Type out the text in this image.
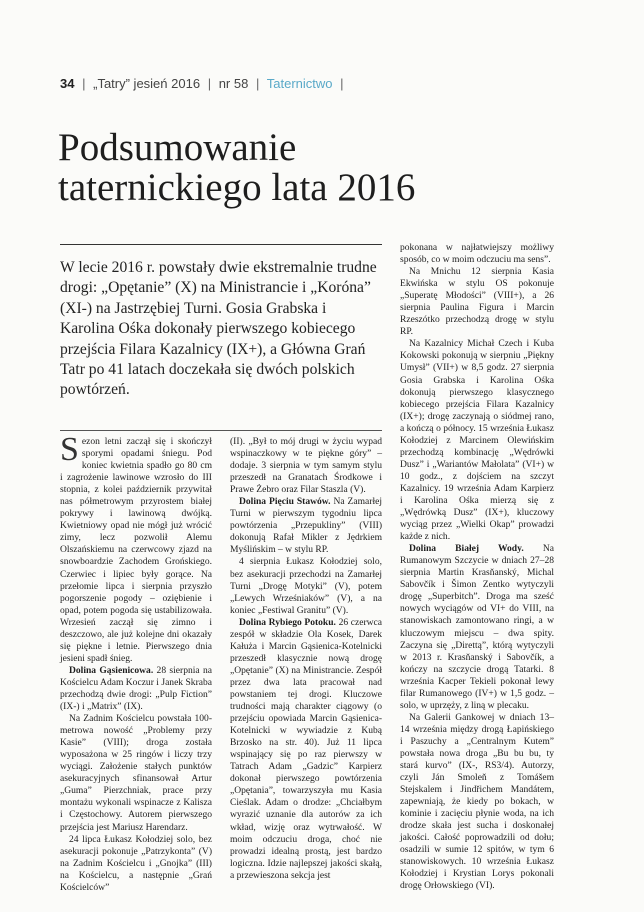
34 | „Tatry” jesień 2016 | nr 58 | Taternictwo |
Podsumowanie
taternickiego lata 2016

W lecie 2016 r. powstały dwie ekstremalnie trudne drogi: „Opętanie” (X) na Ministrancie i „Koróna” (XI-) na Jastrzębiej Turni. Gosia Grabska i Karolina Ośka dokonały pierwszego kobiecego przejścia Filara Kazalnicy (IX+), a Główna Grań Tatr po 41 latach doczekała się dwóch polskich powtórzeń.

Sezon letni zaczął się i skończył sporymi opadami śniegu. Pod koniec kwietnia spadło go 80 cm i zagrożenie lawinowe wzrosło do III stopnia, z kolei październik przywitał nas półmetrowym przyrostem białej pokrywy i lawinową dwójką. Kwietniowy opad nie mógł już wrócić zimy, lecz pozwolił Alemu Olszańskiemu na czerwcowy zjazd na snowboardzie Zachodem Grońskiego. Czerwiec i lipiec były gorące. Na przełomie lipca i sierpnia przyszło pogorszenie pogody – oziębienie i opad, potem pogoda się ustabilizowała. Wrzesień zaczął się zimno i deszczowo, ale już kolejne dni okazały się piękne i letnie. Pierwszego dnia jesieni spadł śnieg.

Dolina Gąsienicowa. 28 sierpnia na Kościelcu Adam Koczur i Janek Skraba przechodzą dwie drogi: „Pulp Fiction” (IX-) i „Matrix” (IX).

Na Zadnim Kościelcu powstała 100-metrowa nowość „Problemy przy Kasie” (VIII); droga została wyposażona w 25 ringów i liczy trzy wyciągi. Założenie stałych punktów asekuracyjnych sfinansował Artur „Guma” Pierzchniak, prace przy montażu wykonali wspinacze z Kalisza i Częstochowy. Autorem pierwszego przejścia jest Mariusz Harendarz.

24 lipca Łukasz Kołodziej solo, bez asekuracji pokonuje „Patrzykonta” (V) na Zadnim Kościelcu i „Gnojka” (III) na Kościelcu, a następnie „Grań Kościelców”

(II). „Był to mój drugi w życiu wypad wspinaczkowy w te piękne góry” – dodaje. 3 sierpnia w tym samym stylu przeszedł na Granatach Środkowe i Prawe Żebro oraz Filar Staszla (V).

Dolina Pięciu Stawów. Na Zamarłej Turni w pierwszym tygodniu lipca powtórzenia „Przepukliny” (VIII) dokonują Rafał Mikler z Jędrkiem Myślińskim – w stylu RP.

4 sierpnia Łukasz Kołodziej solo, bez asekuracji przechodzi na Zamarłej Turni „Drogę Motyki” (V), potem „Lewych Wrześniaków” (V), a na koniec „Festiwal Granitu” (V).

Dolina Rybiego Potoku. 26 czerwca zespół w składzie Ola Kosek, Darek Kałuża i Marcin Gąsienica-Kotelnicki przeszedł klasycznie nową drogę „Opętanie” (X) na Ministrancie. Zespół przez dwa lata pracował nad powstaniem tej drogi. Kluczowe trudności mają charakter ciągowy (o przejściu opowiada Marcin Gąsienica-Kotelnicki w wywiadzie z Kubą Brzosko na str. 40). Już 11 lipca wspinający się po raz pierwszy w Tatrach Adam „Gadzic” Karpierz dokonał pierwszego powtórzenia „Opętania”, towarzyszyła mu Kasia Cieślak. Adam o drodze: „Chciałbym wyrazić uznanie dla autorów za ich wkład, wizję oraz wytrwałość. W moim odczuciu droga, choć nie prowadzi idealną prostą, jest bardzo logiczna. Idzie najlepszej jakości skałą, a przewieszona sekcja jest

pokonana w najłatwiejszy możliwy sposób, co w moim odczuciu ma sens”.

Na Mnichu 12 sierpnia Kasia Ekwińska w stylu OS pokonuje „Superatę Młodości” (VIII+), a 26 sierpnia Paulina Figura i Marcin Rzeszótko przechodzą drogę w stylu RP.

Na Kazalnicy Michał Czech i Kuba Kokowski pokonują w sierpniu „Piękny Umysł” (VII+) w 8,5 godz. 27 sierpnia Gosia Grabska i Karolina Ośka dokonują pierwszego klasycznego kobiecego przejścia Filara Kazalnicy (IX+); drogę zaczynają o siódmej rano, a kończą o północy. 15 września Łukasz Kołodziej z Marcinem Olewińskim przechodzą kombinację „Wędrówki Dusz” i „Wariantów Małolata” (VI+) w 10 godz., z dojściem na szczyt Kazalnicy. 19 września Adam Karpierz i Karolina Ośka mierzą się z „Wędrówką Dusz” (IX+), kluczowy wyciąg przez „Wielki Okap” prowadzi każde z nich.

Dolina Białej Wody. Na Rumanowym Szczycie w dniach 27–28 sierpnia Martin Krasňanský, Michal Sabovčík i Šimon Zentko wytyczyli drogę „Superbitch”. Droga ma sześć nowych wyciągów od VI+ do VIII, na stanowiskach zamontowano ringi, a w kluczowym miejscu – dwa spity. Zaczyna się „Direttą”, którą wytyczyli w 2013 r. Krasňanský i Sabovčík, a kończy na szczycie drogą Tatarki. 8 września Kacper Tekieli pokonał lewy filar Rumanowego (IV+) w 1,5 godz. – solo, w uprzęży, z liną w plecaku.

Na Galerii Gankowej w dniach 13–14 września między drogą Łapińskiego i Paszuchy a „Centralnym Kutem” powstała nowa droga „Bu bu bu, ty stará kurvo” (IX-, RS3/4). Autorzy, czyli Ján Smoleň z Tomášem Stejskalem i Jindřichem Mandátem, zapewniają, że kiedy po bokach, w kominie i zacięciu płynie woda, na ich drodze skała jest sucha i doskonałej jakości. Całość poprowadzili od dołu; osadzili w sumie 12 spitów, w tym 6 stanowiskowych. 10 września Łukasz Kołodziej i Krystian Lorys pokonali drogę Orłowskiego (VI).
